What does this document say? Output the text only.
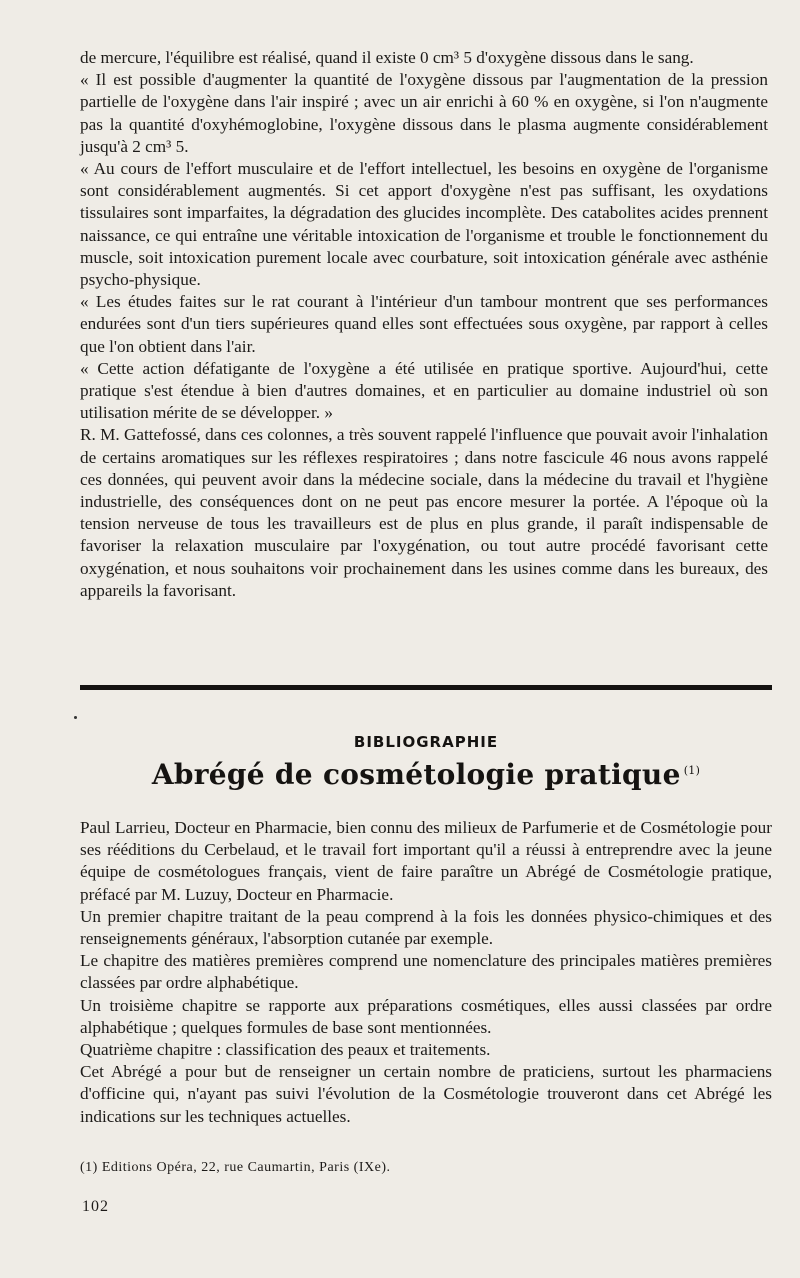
de mercure, l'équilibre est réalisé, quand il existe 0 cm³ 5 d'oxygène dissous dans le sang.

« Il est possible d'augmenter la quantité de l'oxygène dissous par l'augmentation de la pression partielle de l'oxygène dans l'air inspiré ; avec un air enrichi à 60 % en oxygène, si l'on n'augmente pas la quantité d'oxyhémoglobine, l'oxygène dissous dans le plasma augmente considérablement jusqu'à 2 cm³ 5.

« Au cours de l'effort musculaire et de l'effort intellectuel, les besoins en oxygène de l'organisme sont considérablement augmentés. Si cet apport d'oxygène n'est pas suffisant, les oxydations tissulaires sont imparfaites, la dégradation des glucides incomplète. Des catabolites acides prennent naissance, ce qui entraîne une véritable intoxication de l'organisme et trouble le fonctionnement du muscle, soit intoxication purement locale avec courbature, soit intoxication générale avec asthénie psycho-physique.

« Les études faites sur le rat courant à l'intérieur d'un tambour montrent que ses performances endurées sont d'un tiers supérieures quand elles sont effectuées sous oxygène, par rapport à celles que l'on obtient dans l'air.

« Cette action défatigante de l'oxygène a été utilisée en pratique sportive. Aujourd'hui, cette pratique s'est étendue à bien d'autres domaines, et en particulier au domaine industriel où son utilisation mérite de se développer. »

R. M. Gattefossé, dans ces colonnes, a très souvent rappelé l'influence que pouvait avoir l'inhalation de certains aromatiques sur les réflexes respiratoires ; dans notre fascicule 46 nous avons rappelé ces données, qui peuvent avoir dans la médecine sociale, dans la médecine du travail et l'hygiène industrielle, des conséquences dont on ne peut pas encore mesurer la portée. A l'époque où la tension nerveuse de tous les travailleurs est de plus en plus grande, il paraît indispensable de favoriser la relaxation musculaire par l'oxygénation, ou tout autre procédé favorisant cette oxygénation, et nous souhaitons voir prochainement dans les usines comme dans les bureaux, des appareils la favorisant.

BIBLIOGRAPHIE
Abrégé de cosmétologie pratique $^{(1)}$

Paul Larrieu, Docteur en Pharmacie, bien connu des milieux de Parfumerie et de Cosmétologie pour ses rééditions du Cerbelaud, et le travail fort important qu'il a réussi à entreprendre avec la jeune équipe de cosmétologues français, vient de faire paraître un Abrégé de Cosmétologie pratique, préfacé par M. Luzuy, Docteur en Pharmacie.

Un premier chapitre traitant de la peau comprend à la fois les données physico-chimiques et des renseignements généraux, l'absorption cutanée par exemple.

Le chapitre des matières premières comprend une nomenclature des principales matières premières classées par ordre alphabétique.

Un troisième chapitre se rapporte aux préparations cosmétiques, elles aussi classées par ordre alphabétique ; quelques formules de base sont mentionnées.

Quatrième chapitre : classification des peaux et traitements.

Cet Abrégé a pour but de renseigner un certain nombre de praticiens, surtout les pharmaciens d'officine qui, n'ayant pas suivi l'évolution de la Cosmétologie trouveront dans cet Abrégé les indications sur les techniques actuelles.

(1) Editions Opéra, 22, rue Caumartin, Paris (IXe).
102
